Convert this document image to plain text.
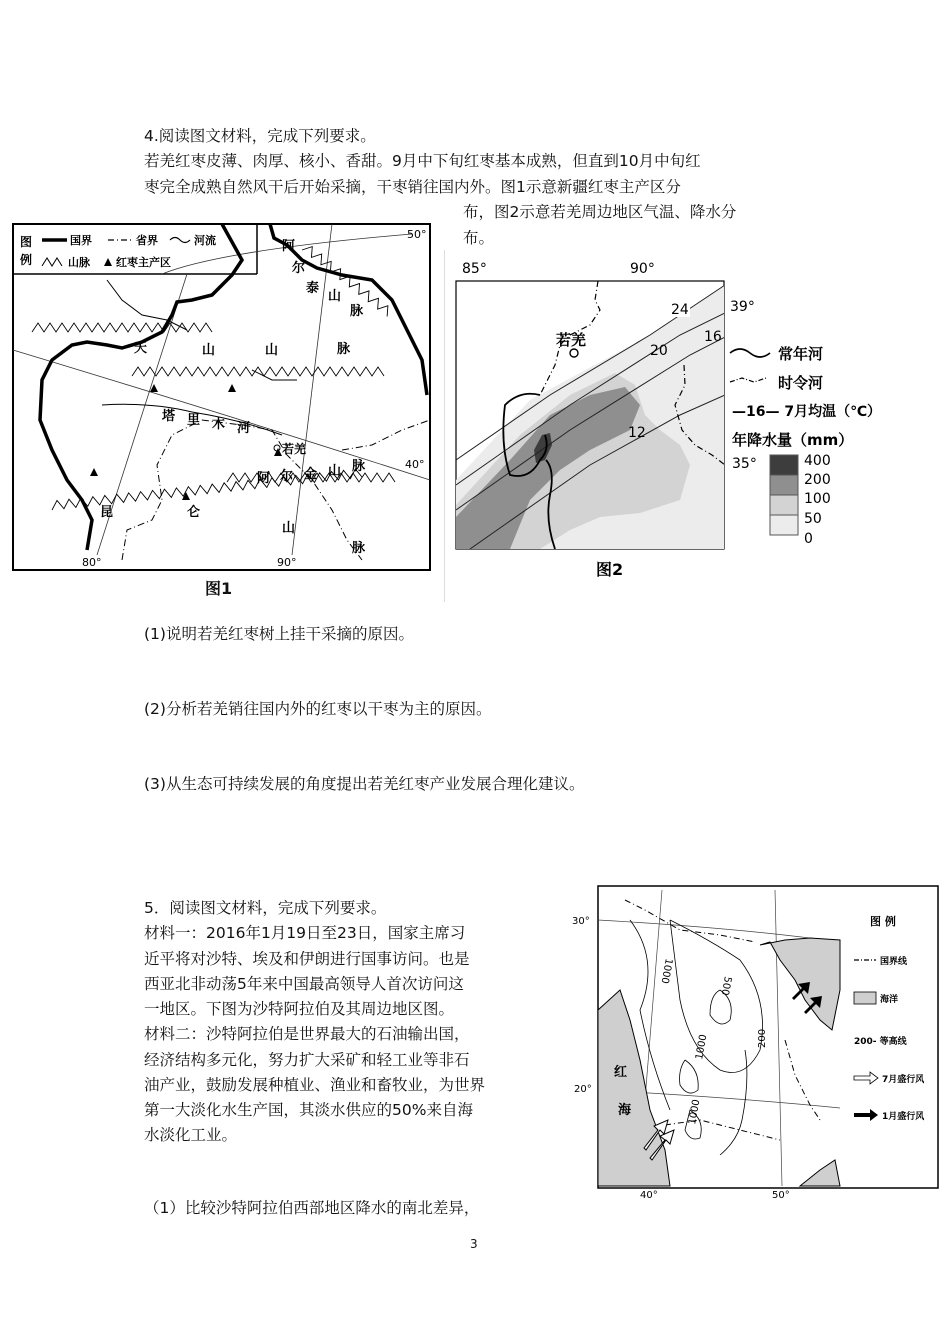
4.阅读图文材料，完成下列要求。
若羌红枣皮薄、肉厚、核小、香甜。9月中下旬红枣基本成熟，但直到10月中旬红
枣完全成熟自然风干后开始采摘，干枣销往国内外。图1示意新疆红枣主产区分
布，图2示意若羌周边地区气温、降水分
布。
图
例
国界	省界	河流
山脉 红枣主产区
50°
40°
80°	90°
天	山	山	脉
阿
尔
泰
山
脉
塔 里 木 河
若羌
阿 尔 金 山 脉
昆	仑
山
脉
图1
85°	90°
24
20
16
12
若羌
39°
35°
常年河
时令河
—16— 7月均温（℃）
年降水量（mm）
400
200
100
50
0
图2
(1)说明若羌红枣树上挂干采摘的原因。
(2)分析若羌销往国内外的红枣以干枣为主的原因。
(3)从生态可持续发展的角度提出若羌红枣产业发展合理化建议。
5．阅读图文材料，完成下列要求。
材料一：2016年1月19日至23日，国家主席习
近平将对沙特、埃及和伊朗进行国事访问。也是
西亚北非动荡5年来中国最高领导人首次访问这
一地区。下图为沙特阿拉伯及其周边地区图。
材料二：沙特阿拉伯是世界最大的石油输出国，
经济结构多元化，努力扩大采矿和轻工业等非石
油产业，鼓励发展种植业、渔业和畜牧业，为世界
第一大淡化水生产国，其淡水供应的50%来自海
水淡化工业。
（1）比较沙特阿拉伯西部地区降水的南北差异，
30°
20°
40°	50°
红
海
1000
500
200
1000
1000
图 例
国界线
海洋
200- 等高线
7月盛行风
1月盛行风
3
